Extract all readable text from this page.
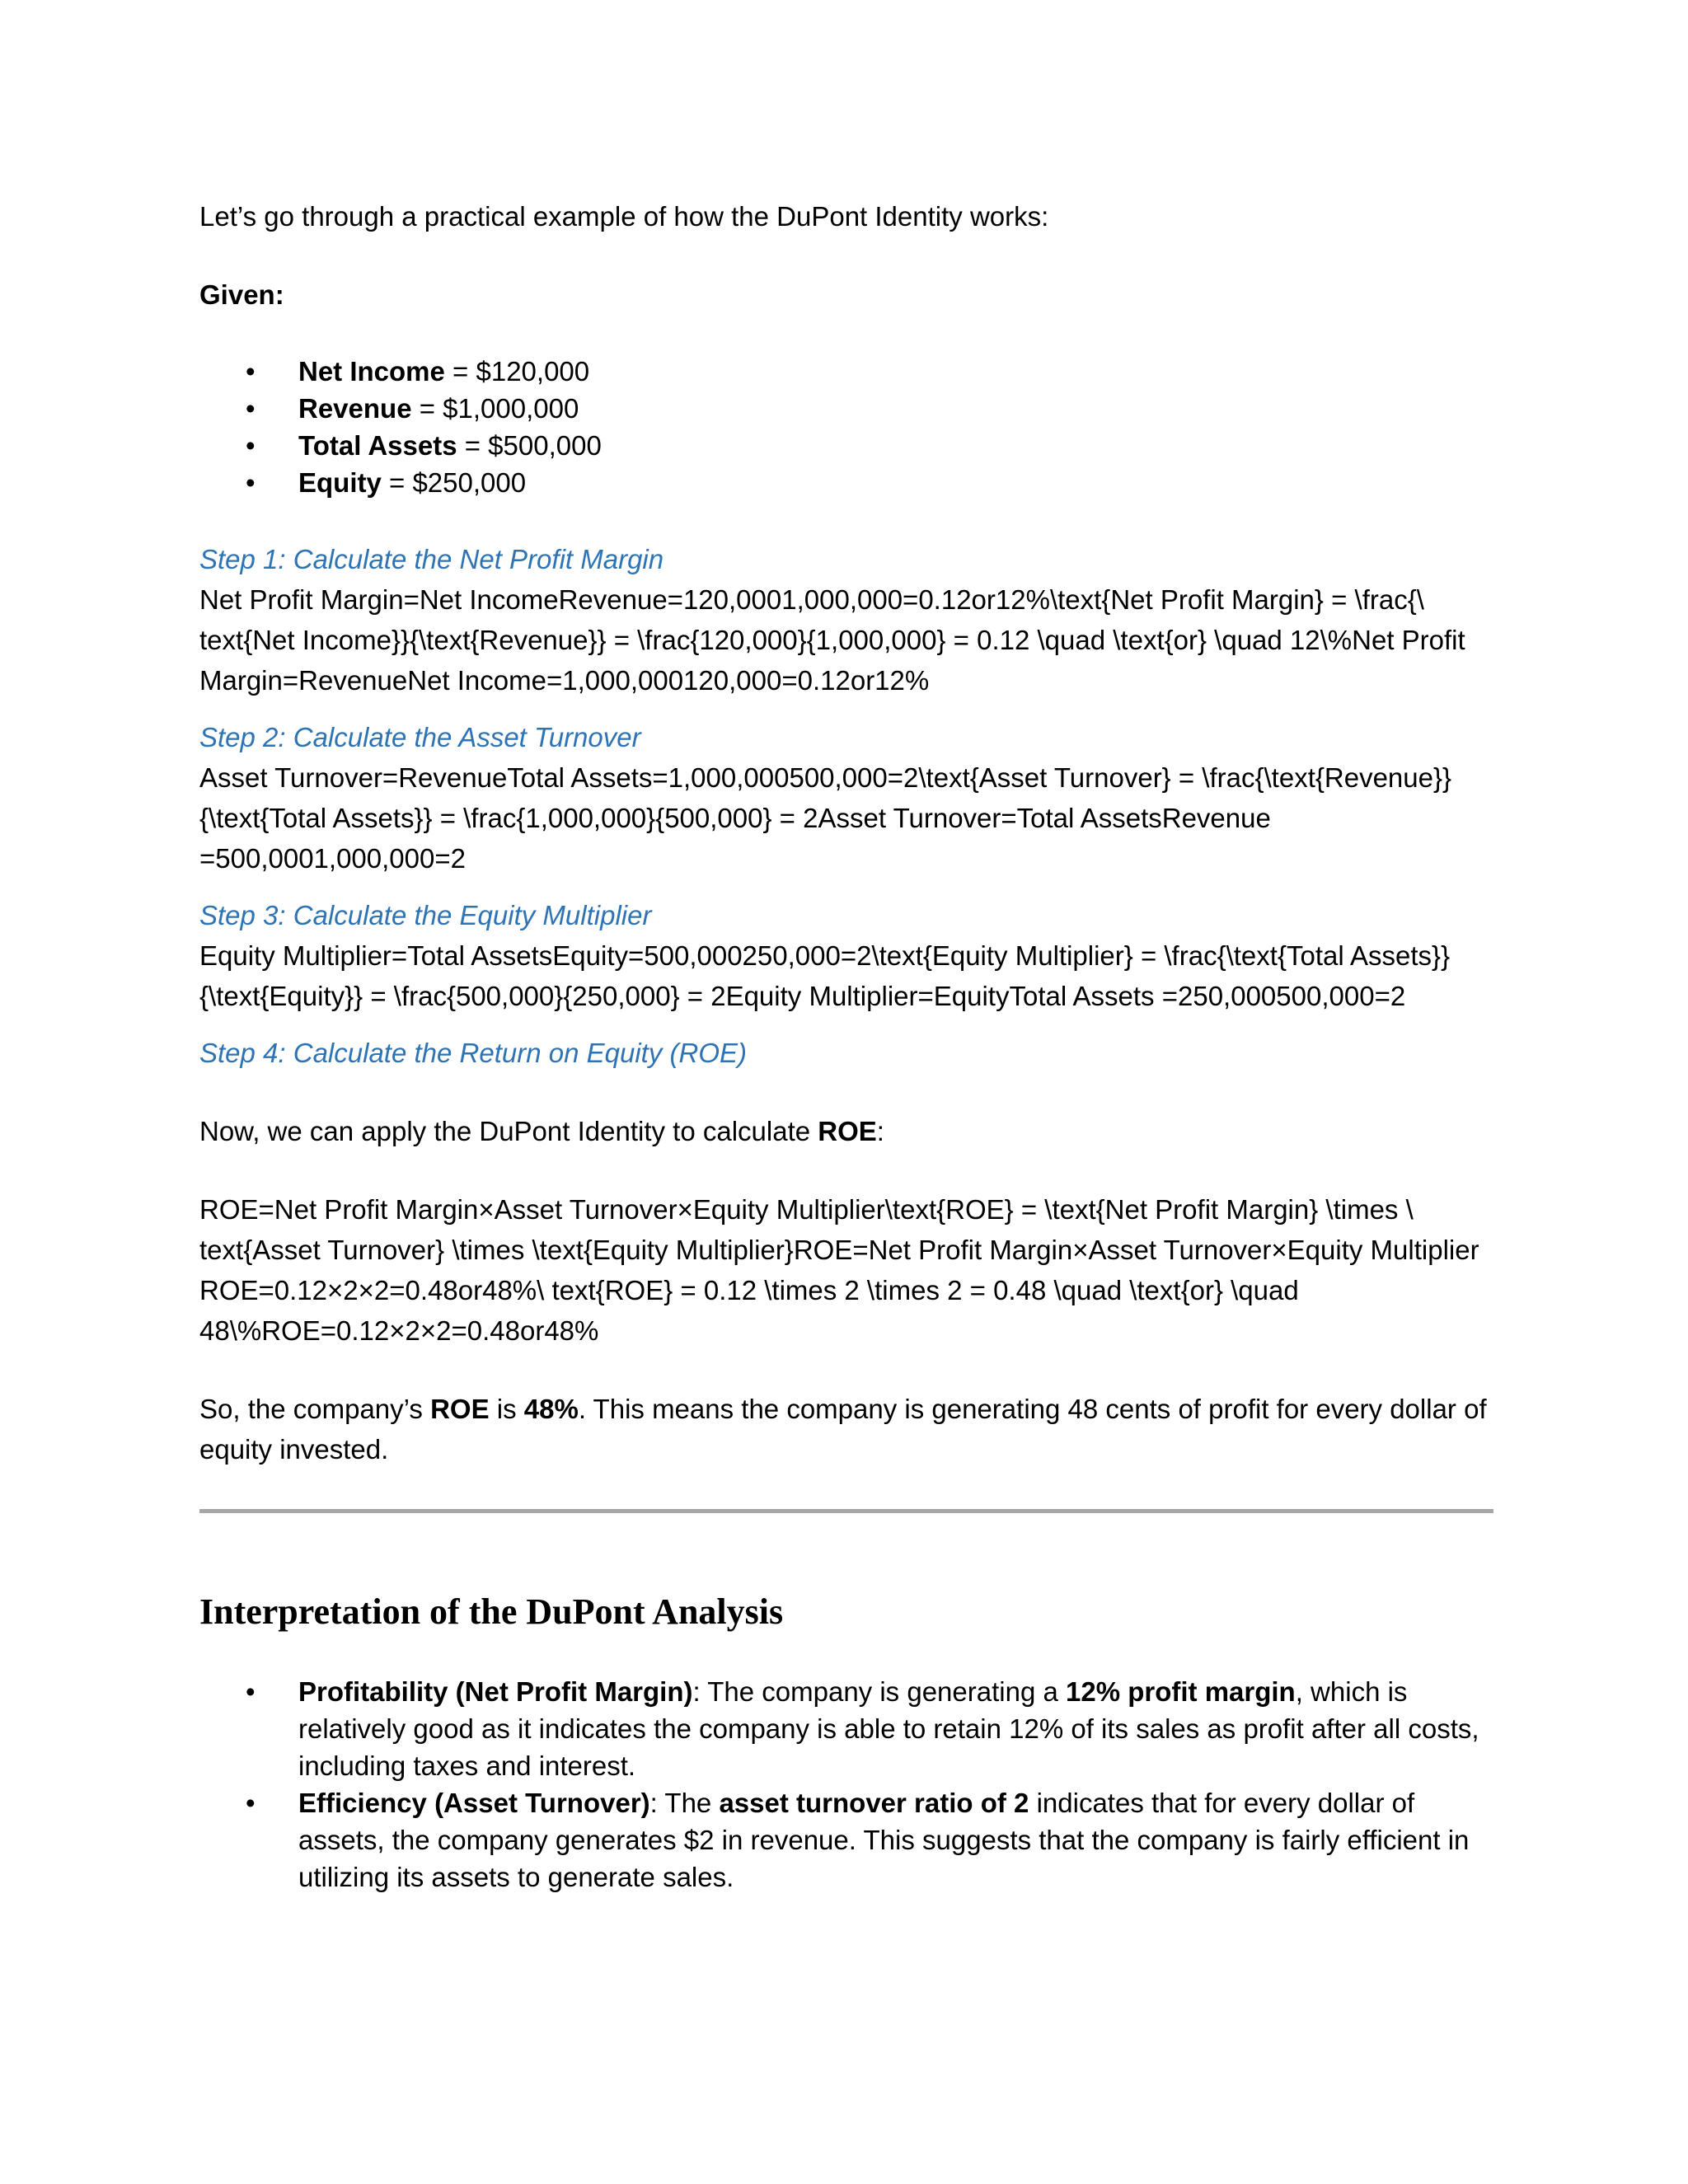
Let’s go through a practical example of how the DuPont Identity works:

Given:

• Net Income = $120,000
• Revenue = $1,000,000
• Total Assets = $500,000
• Equity = $250,000

Step 1: Calculate the Net Profit Margin

Net Profit Margin=Net IncomeRevenue=120,0001,000,000=0.12or12%\text{Net Profit Margin} = \frac{\ text{Net Income}}{\text{Revenue}} = \frac{120,000}{1,000,000} = 0.12 \quad \text{or} \quad 12\%Net Profit Margin=RevenueNet Income=1,000,000120,000=0.12or12%

Step 2: Calculate the Asset Turnover

Asset Turnover=RevenueTotal Assets=1,000,000500,000=2\text{Asset Turnover} = \frac{\text{Revenue}} {\text{Total Assets}} = \frac{1,000,000}{500,000} = 2Asset Turnover=Total AssetsRevenue =500,0001,000,000=2

Step 3: Calculate the Equity Multiplier

Equity Multiplier=Total AssetsEquity=500,000250,000=2\text{Equity Multiplier} = \frac{\text{Total Assets}}{\text{Equity}} = \frac{500,000}{250,000} = 2Equity Multiplier=EquityTotal Assets =250,000500,000=2

Step 4: Calculate the Return on Equity (ROE)

Now, we can apply the DuPont Identity to calculate ROE:

ROE=Net Profit Margin×Asset Turnover×Equity Multiplier\text{ROE} = \text{Net Profit Margin} \times \ text{Asset Turnover} \times \text{Equity Multiplier}ROE=Net Profit Margin×Asset Turnover×Equity Multiplier ROE=0.12×2×2=0.48or48%\ text{ROE} = 0.12 \times 2 \times 2 = 0.48 \quad \text{or} \quad 48\%ROE=0.12×2×2=0.48or48%

So, the company’s ROE is 48%. This means the company is generating 48 cents of profit for every dollar of equity invested.

Interpretation of the DuPont Analysis
• Profitability (Net Profit Margin): The company is generating a 12% profit margin, which is relatively good as it indicates the company is able to retain 12% of its sales as profit after all costs, including taxes and interest.
• Efficiency (Asset Turnover): The asset turnover ratio of 2 indicates that for every dollar of assets, the company generates $2 in revenue. This suggests that the company is fairly efficient in utilizing its assets to generate sales.
